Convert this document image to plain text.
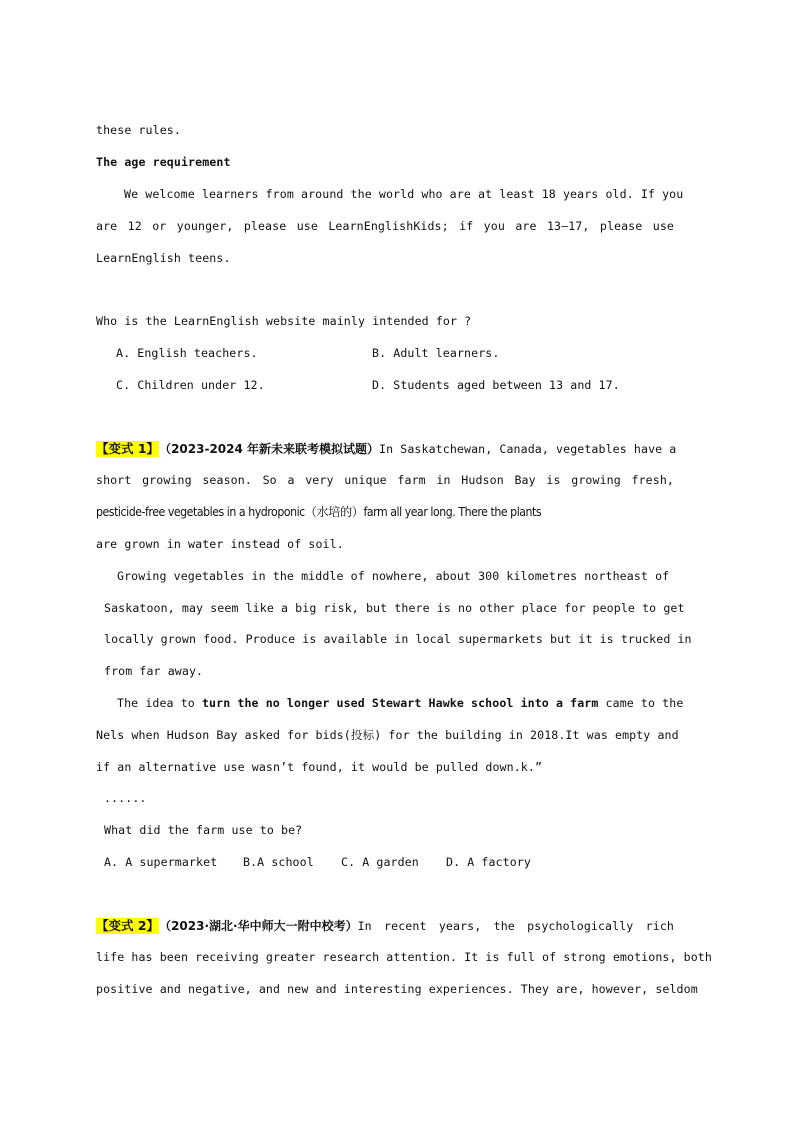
these rules.
The age requirement
We welcome learners from around the world who are at least 18 years old. If you
are 12 or younger, please use LearnEnglishKids; if you are 13—17, please use
LearnEnglish teens.
Who is the LearnEnglish website mainly intended for ?
A. English teachers.	B. Adult learners.
C. Children under 12.	D. Students aged between 13 and 17.
【变式 1】 （2023-2024 年新未来联考模拟试题） In Saskatchewan, Canada, vegetables have a
short growing season. So a very unique farm in Hudson Bay is growing fresh,
pesticide-free vegetables in a hydroponic（水培的）farm all year long. There the plants
are grown in water instead of soil.
Growing vegetables in the middle of nowhere, about 300 kilometres northeast of
Saskatoon, may seem like a big risk, but there is no other place for people to get
locally grown food. Produce is available in local supermarkets but it is trucked in
from far away.
The idea to turn the no longer used Stewart Hawke school into a farm came to the
Nels when Hudson Bay asked for bids(投标) for the building in 2018.It was empty and
if an alternative use wasn’t found, it would be pulled down.k.”
......
What did the farm use to be?
A. A supermarket B.A school C. A garden D. A factory
【变式 2】 （2023·湖北·华中师大一附中校考） In recent years, the psychologically rich
life has been receiving greater research attention. It is full of strong emotions, both
positive and negative, and new and interesting experiences. They are, however, seldom
